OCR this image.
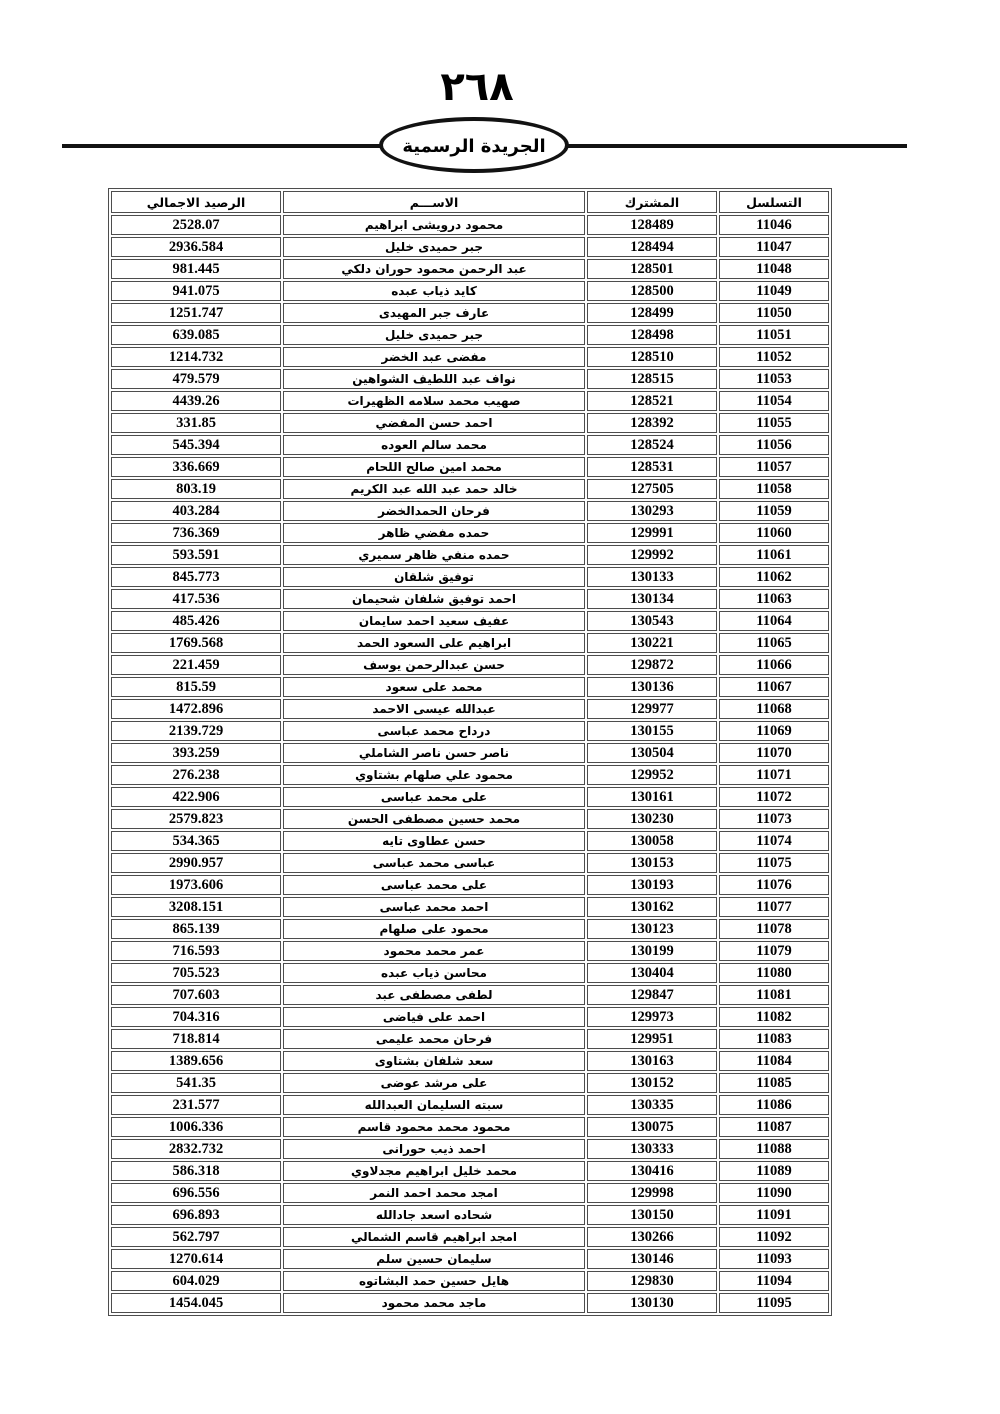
٢٦٨
الجريدة الرسمية
التسلسل	المشترك	الاســـم	الرصيد الاجمالي
11046	128489	محمود درويشى ابراهيم	2528.07
11047	128494	جبر حميدى خليل	2936.584
11048	128501	عبد الرحمن محمود حوران دلكي	981.445
11049	128500	كايد ذياب عبده	941.075
11050	128499	عارف جبر المهيدى	1251.747
11051	128498	جبر حميدى خليل	639.085
11052	128510	مفضى عبد الخضر	1214.732
11053	128515	نواف عبد اللطيف الشواهين	479.579
11054	128521	صهيب محمد سلامه الظهيرات	4439.26
11055	128392	احمد حسن المفضي	331.85
11056	128524	محمد سالم العوده	545.394
11057	128531	محمد امين صالح اللحام	336.669
11058	127505	خالد حمد عبد الله عبد الكريم	803.19
11059	130293	فرحان الحمدالخضر	403.284
11060	129991	حمده مفضي ظاهر	736.369
11061	129992	حمده منفي ظاهر سميري	593.591
11062	130133	توفيق شلقان	845.773
11063	130134	احمد توفيق شلفان شحيمان	417.536
11064	130543	عفيف سعيد احمد سايمان	485.426
11065	130221	ابراهيم على السعود الحمد	1769.568
11066	129872	حسن عبدالرحمن يوسف	221.459
11067	130136	محمد على سعود	815.59
11068	129977	عبدالله عيسى الاحمد	1472.896
11069	130155	درداح محمد عباسى	2139.729
11070	130504	ناصر حسن ناصر الشاملي	393.259
11071	129952	محمود علي صلهام بشتاوي	276.238
11072	130161	على محمد عباسى	422.906
11073	130230	محمد حسين مصطفى الحسن	2579.823
11074	130058	حسن عطاوى تايه	534.365
11075	130153	عباسى محمد عباسى	2990.957
11076	130193	على محمد عباسى	1973.606
11077	130162	احمد محمد عباسى	3208.151
11078	130123	محمود على صلهام	865.139
11079	130199	عمر محمد محمود	716.593
11080	130404	محاسن ذياب عبده	705.523
11081	129847	لطفى مصطفى عبد	707.603
11082	129973	احمد على فياضى	704.316
11083	129951	فرحان محمد عليمى	718.814
11084	130163	سعد شلفان بشتاوى	1389.656
11085	130152	على مرشد عوضى	541.35
11086	130335	سبته السليمان العبدالله	231.577
11087	130075	محمود محمد محمود قاسم	1006.336
11088	130333	احمد ذيب حورانى	2832.732
11089	130416	محمد خليل ابراهيم مجدلاوي	586.318
11090	129998	امجد محمد احمد النمر	696.556
11091	130150	شحاده اسعد جادالله	696.893
11092	130266	امجد ابراهيم قاسم الشمالي	562.797
11093	130146	سليمان حسين سلم	1270.614
11094	129830	هايل حسين حمد البشاتوه	604.029
11095	130130	ماجد محمد محمود	1454.045
